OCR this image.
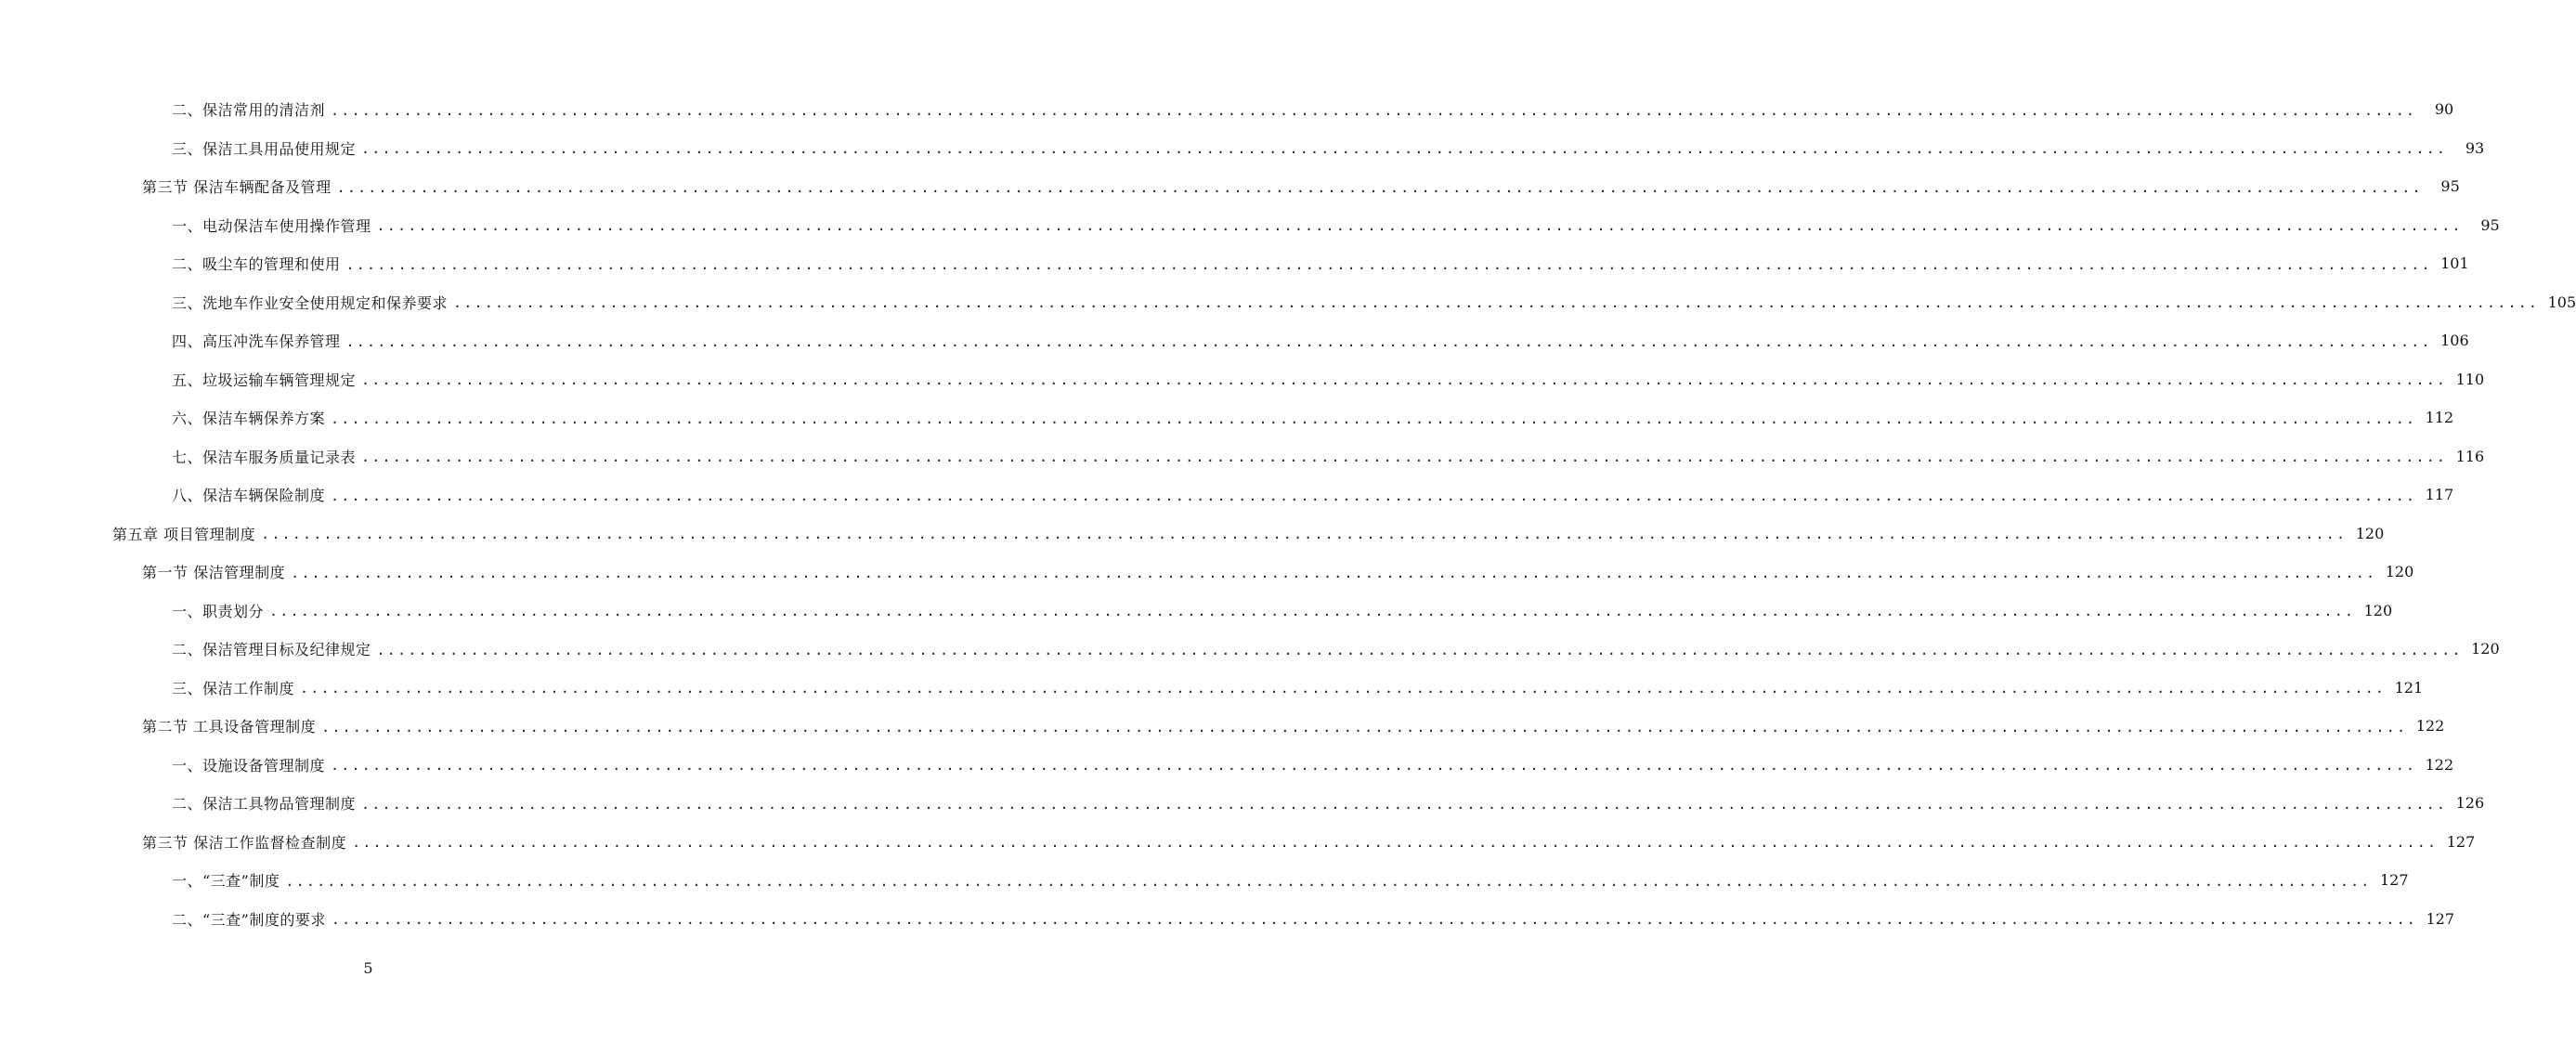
二、保洁常用的清洁剂 ........................................................................................................................................................................................................	90
三、保洁工具用品使用规定 ........................................................................................................................................................................................................	93
第三节 保洁车辆配备及管理 ........................................................................................................................................................................................................	95
一、电动保洁车使用操作管理 ........................................................................................................................................................................................................	95
二、吸尘车的管理和使用 ........................................................................................................................................................................................................ 101
三、洗地车作业安全使用规定和保养要求 ........................................................................................................................................................................................................ 105
四、高压冲洗车保养管理 ........................................................................................................................................................................................................ 106
五、垃圾运输车辆管理规定 ........................................................................................................................................................................................................ 110
六、保洁车辆保养方案 ........................................................................................................................................................................................................ 112
七、保洁车服务质量记录表 ........................................................................................................................................................................................................ 116
八、保洁车辆保险制度 ........................................................................................................................................................................................................ 117
第五章 项目管理制度 ........................................................................................................................................................................................................ 120
第一节 保洁管理制度 ........................................................................................................................................................................................................ 120
一、职责划分 ........................................................................................................................................................................................................ 120
二、保洁管理目标及纪律规定 ........................................................................................................................................................................................................ 120
三、保洁工作制度 ........................................................................................................................................................................................................ 121
第二节 工具设备管理制度 ........................................................................................................................................................................................................ 122
一、设施设备管理制度 ........................................................................................................................................................................................................ 122
二、保洁工具物品管理制度 ........................................................................................................................................................................................................ 126
第三节 保洁工作监督检查制度 ........................................................................................................................................................................................................ 127
一、“三查”制度 ........................................................................................................................................................................................................ 127
二、“三查”制度的要求 ........................................................................................................................................................................................................ 127
5
